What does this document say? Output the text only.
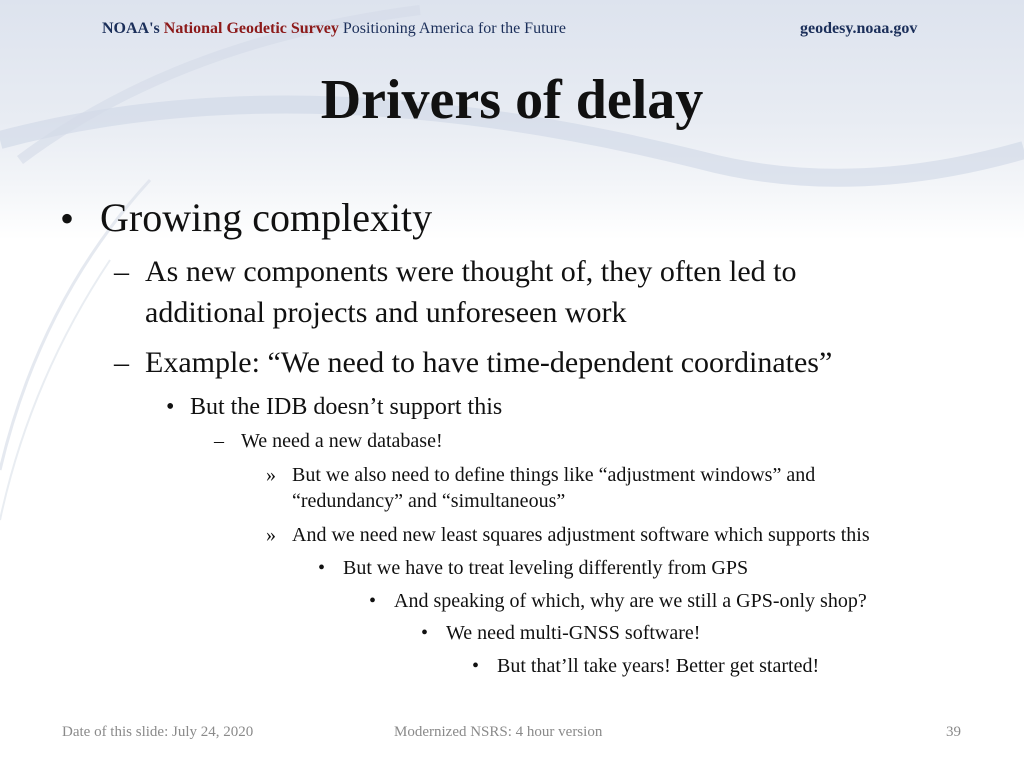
NOAA's National Geodetic Survey Positioning America for the Future	geodesy.noaa.gov
Drivers of delay
• Growing complexity
– As new components were thought of, they often led to
additional projects and unforeseen work
– Example: “We need to have time-dependent coordinates”
• But the IDB doesn’t support this
– We need a new database!
» But we also need to define things like “adjustment windows” and
“redundancy” and “simultaneous”
» And we need new least squares adjustment software which supports this
• But we have to treat leveling differently from GPS
• And speaking of which, why are we still a GPS-only shop?
• We need multi-GNSS software!
• But that’ll take years! Better get started!
Date of this slide: July 24, 2020	Modernized NSRS: 4 hour version	39
